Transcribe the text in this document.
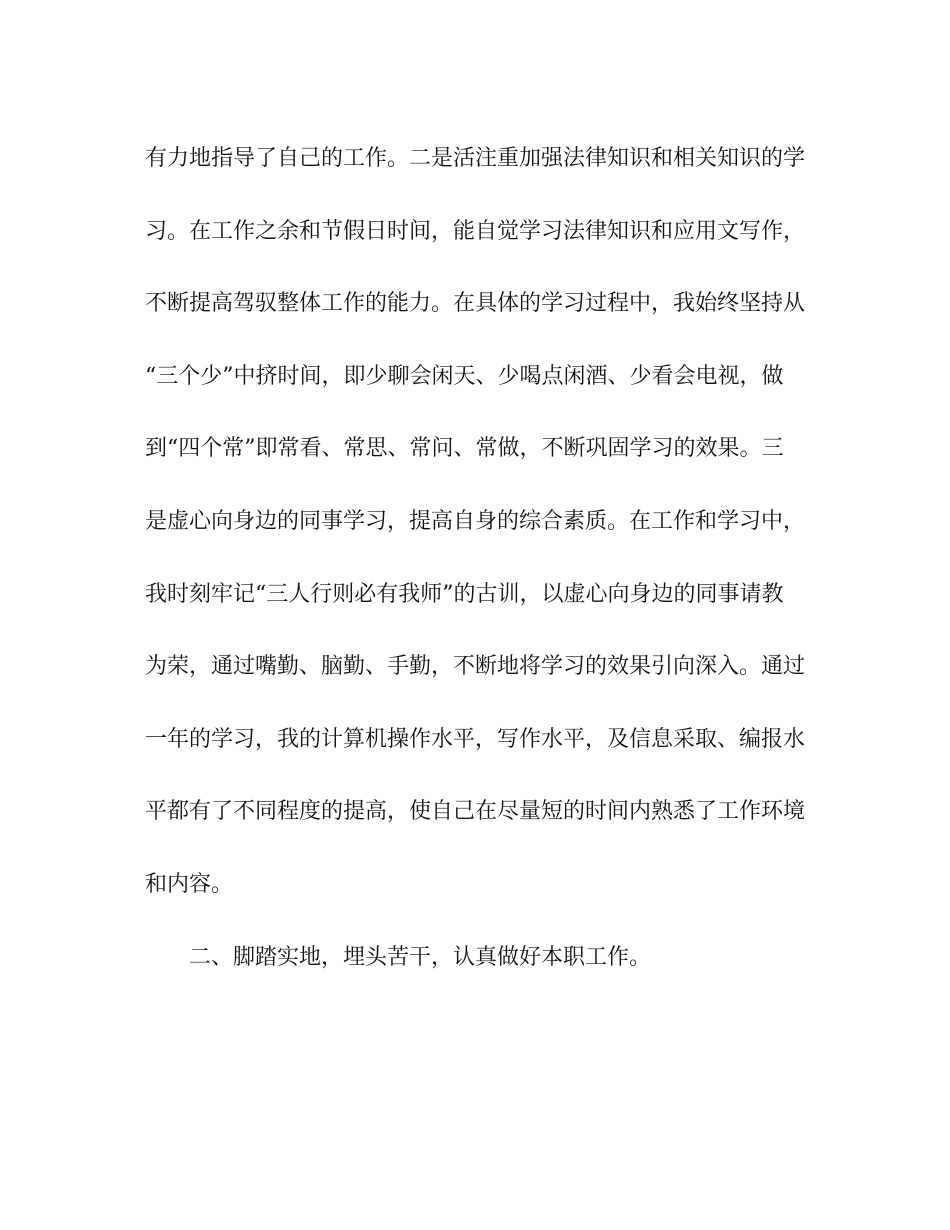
有力地指导了自己的工作。二是活注重加强法律知识和相关知识的学
习。在工作之余和节假日时间，能自觉学习法律知识和应用文写作，
不断提高驾驭整体工作的能力。在具体的学习过程中，我始终坚持从
“三个少”中挤时间，即少聊会闲天、少喝点闲酒、少看会电视，做
到“四个常”即常看、常思、常问、常做，不断巩固学习的效果。三
是虚心向身边的同事学习，提高自身的综合素质。在工作和学习中，
我时刻牢记“三人行则必有我师”的古训，以虚心向身边的同事请教
为荣，通过嘴勤、脑勤、手勤，不断地将学习的效果引向深入。通过
一年的学习，我的计算机操作水平，写作水平，及信息采取、编报水
平都有了不同程度的提高，使自己在尽量短的时间内熟悉了工作环境
和内容。
二、脚踏实地，埋头苦干，认真做好本职工作。
